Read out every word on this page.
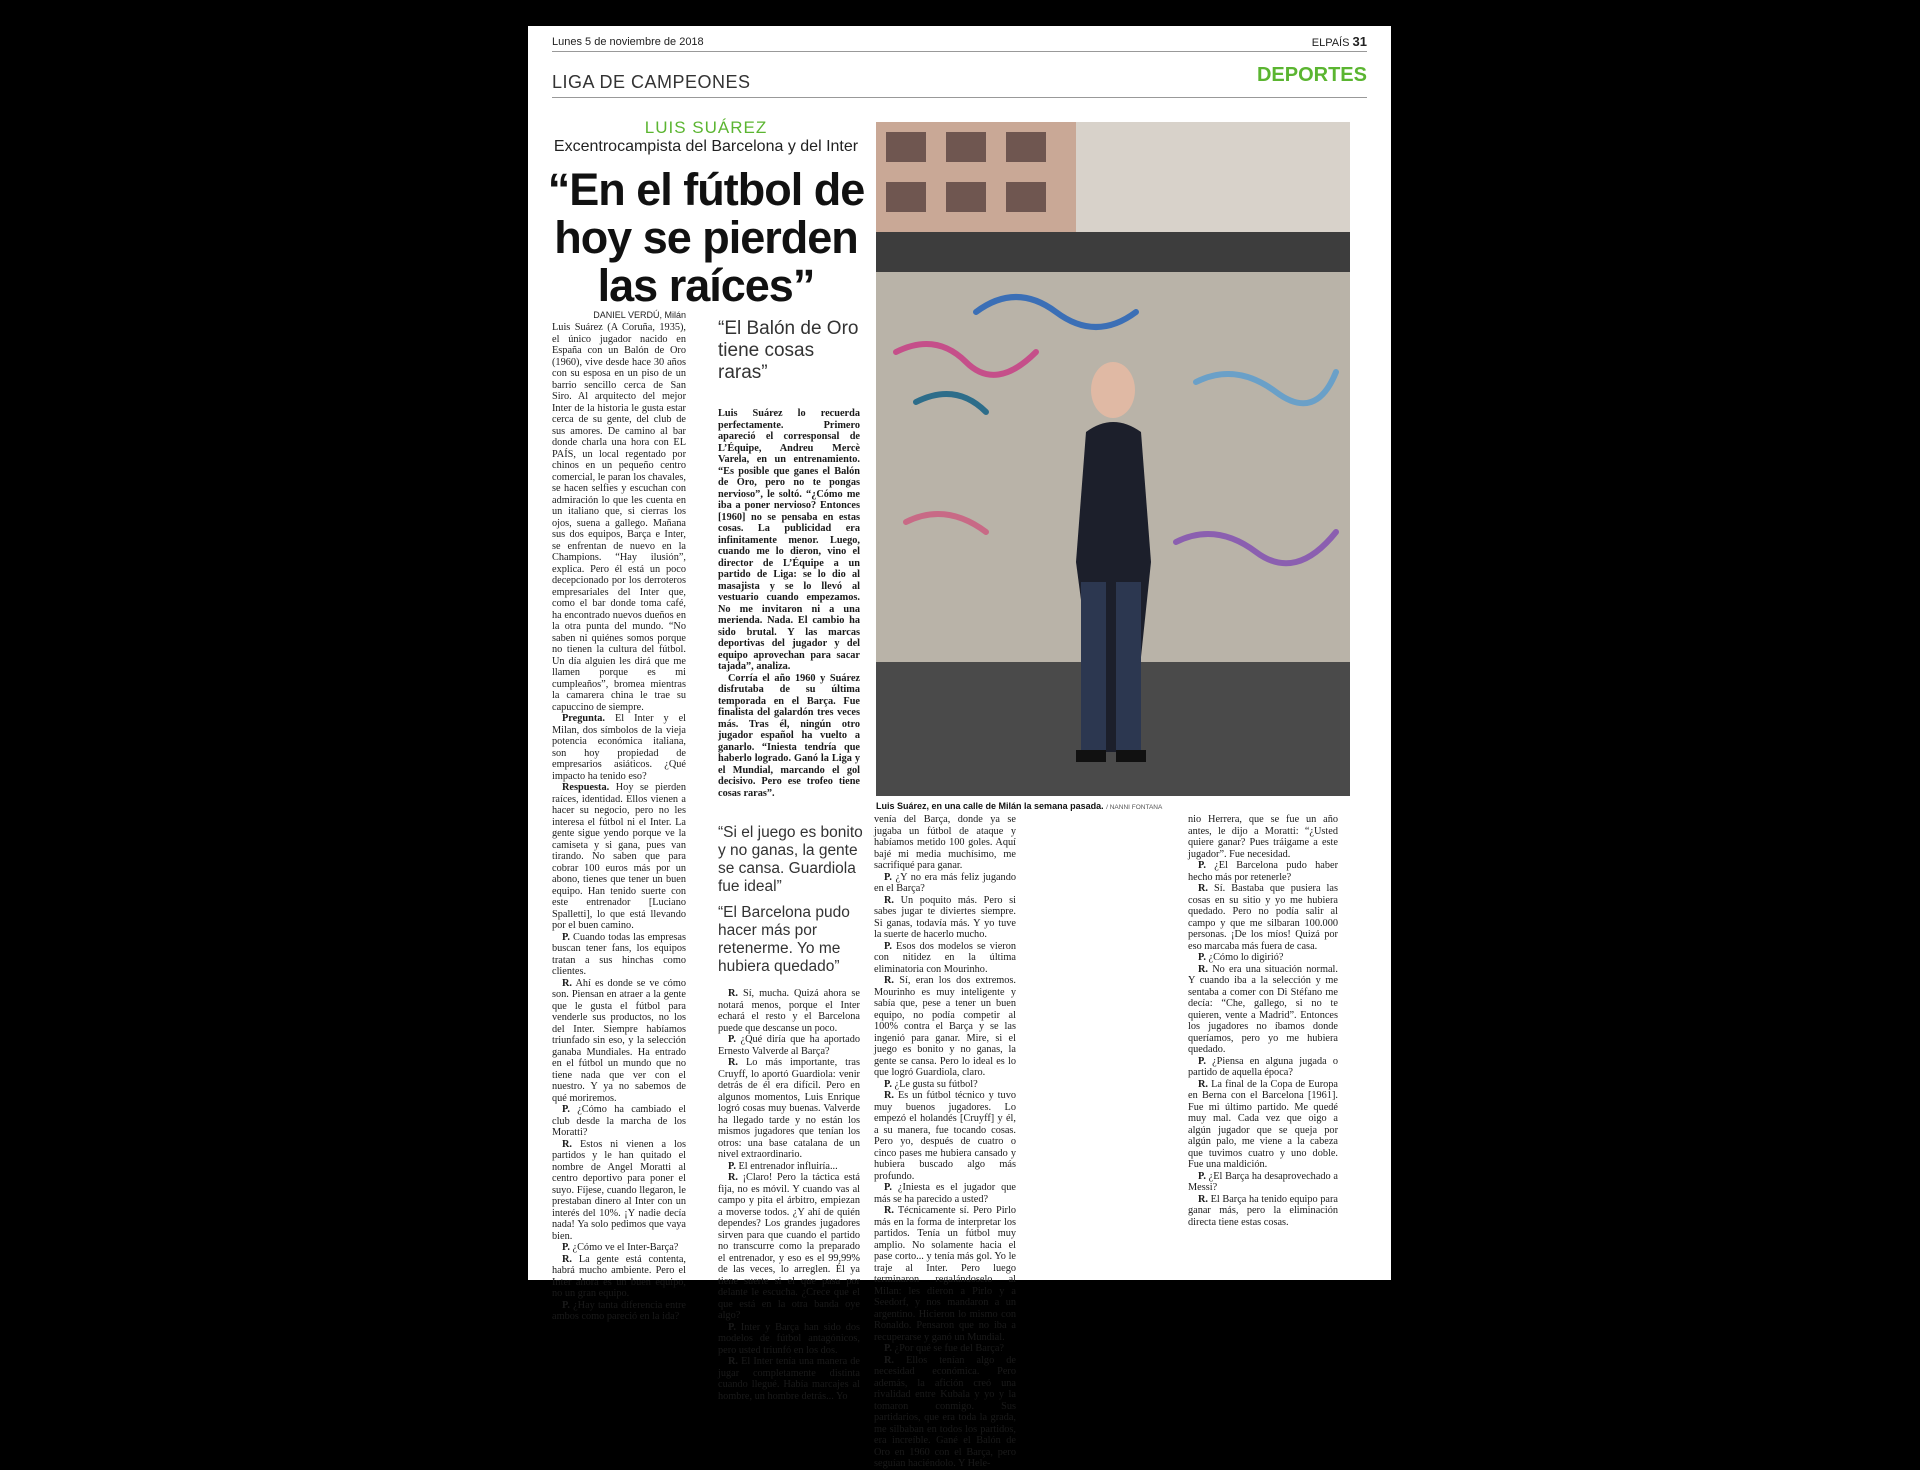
Lunes 5 de noviembre de 2018	ELPAÍS 31
LIGA DE CAMPEONES	DEPORTES
LUIS SUÁREZ
Excentrocampista del Barcelona y del Inter
“En el fútbol de hoy se pierden las raíces”
DANIEL VERDÚ, Milán

Luis Suárez (A Coruña, 1935), el único jugador nacido en España con un Balón de Oro (1960), vive desde hace 30 años con su esposa en un piso de un barrio sencillo cerca de San Siro. Al arquitecto del mejor Inter de la historia le gusta estar cerca de su gente, del club de sus amores. De camino al bar donde charla una hora con EL PAÍS, un local regentado por chinos en un pequeño centro comercial, le paran los chavales, se hacen selfies y escuchan con admiración lo que les cuenta en un italiano que, si cierras los ojos, suena a gallego. Mañana sus dos equipos, Barça e Inter, se enfrentan de nuevo en la Champions. “Hay ilusión”, explica. Pero él está un poco decepcionado por los derroteros empresariales del Inter que, como el bar donde toma café, ha encontrado nuevos dueños en la otra punta del mundo. “No saben ni quiénes somos porque no tienen la cultura del fútbol. Un día alguien les dirá que me llamen porque es mi cumpleaños”, bromea mientras la camarera china le trae su capuccino de siempre.

Pregunta. El Inter y el Milan, dos símbolos de la vieja potencia económica italiana, son hoy propiedad de empresarios asiáticos. ¿Qué impacto ha tenido eso?

Respuesta. Hoy se pierden raíces, identidad. Ellos vienen a hacer su negocio, pero no les interesa el fútbol ni el Inter. La gente sigue yendo porque ve la camiseta y si gana, pues van tirando. No saben que para cobrar 100 euros más por un abono, tienes que tener un buen equipo. Han tenido suerte con este entrenador [Luciano Spalletti], lo que está llevando por el buen camino.

P. Cuando todas las empresas buscan tener fans, los equipos tratan a sus hinchas como clientes.

R. Ahí es donde se ve cómo son. Piensan en atraer a la gente que le gusta el fútbol para venderle sus productos, no los del Inter. Siempre habíamos triunfado sin eso, y la selección ganaba Mundiales. Ha entrado en el fútbol un mundo que no tiene nada que ver con el nuestro. Y ya no sabemos de qué moriremos.

P. ¿Cómo ha cambiado el club desde la marcha de los Moratti?

R. Estos ni vienen a los partidos y le han quitado el nombre de Angel Moratti al centro deportivo para poner el suyo. Fíjese, cuando llegaron, le prestaban dinero al Inter con un interés del 10%. ¡Y nadie decía nada! Ya solo pedimos que vaya bien.

P. ¿Cómo ve el Inter-Barça?

R. La gente está contenta, habrá mucho ambiente. Pero el Inter ahora es un buen equipo, no un gran equipo.

P. ¿Hay tanta diferencia entre ambos como pareció en la ida?

“El Balón de Oro tiene cosas raras”

Luis Suárez lo recuerda perfectamente. Primero apareció el corresponsal de L’Équipe, Andreu Mercè Varela, en un entrenamiento. “Es posible que ganes el Balón de Oro, pero no te pongas nervioso”, le soltó. “¿Cómo me iba a poner nervioso? Entonces [1960] no se pensaba en estas cosas. La publicidad era infinitamente menor. Luego, cuando me lo dieron, vino el director de L’Équipe a un partido de Liga: se lo dio al masajista y se lo llevó al vestuario cuando empezamos. No me invitaron ni a una merienda. Nada. El cambio ha sido brutal. Y las marcas deportivas del jugador y del equipo aprovechan para sacar tajada”, analiza.

Corría el año 1960 y Suárez disfrutaba de su última temporada en el Barça. Fue finalista del galardón tres veces más. Tras él, ningún otro jugador español ha vuelto a ganarlo. “Iniesta tendría que haberlo logrado. Ganó la Liga y el Mundial, marcando el gol decisivo. Pero ese trofeo tiene cosas raras”.

Luis Suárez, en una calle de Milán la semana pasada. / NANNI FONTANA
“Si el juego es bonito y no ganas, la gente se cansa. Guardiola fue ideal”
“El Barcelona pudo hacer más por retenerme. Yo me hubiera quedado”

R. Sí, mucha. Quizá ahora se notará menos, porque el Inter echará el resto y el Barcelona puede que descanse un poco.

P. ¿Qué diría que ha aportado Ernesto Valverde al Barça?

R. Lo más importante, tras Cruyff, lo aportó Guardiola: venir detrás de él era difícil. Pero en algunos momentos, Luis Enrique logró cosas muy buenas. Valverde ha llegado tarde y no están los mismos jugadores que tenían los otros: una base catalana de un nivel extraordinario.

P. El entrenador influiría...

R. ¡Claro! Pero la táctica está fija, no es móvil. Y cuando vas al campo y pita el árbitro, empiezan a moverse todos. ¿Y ahí de quién dependes? Los grandes jugadores sirven para que cuando el partido no transcurre como la preparado el entrenador, y eso es el 99,99% de las veces, lo arreglen. Él ya tiene suerte si el que pasa por delante le escucha. ¿Crece que el que está en la otra banda oye algo?

P. Inter y Barça han sido dos modelos de fútbol antagónicos, pero usted triunfó en los dos.

R. El Inter tenía una manera de jugar completamente distinta cuando llegué. Había marcajes al hombre, un hombre detrás... Yo

venía del Barça, donde ya se jugaba un fútbol de ataque y habíamos metido 100 goles. Aquí bajé mi media muchísimo, me sacrifiqué para ganar.

P. ¿Y no era más feliz jugando en el Barça?

R. Un poquito más. Pero si sabes jugar te diviertes siempre. Si ganas, todavía más. Y yo tuve la suerte de hacerlo mucho.

P. Esos dos modelos se vieron con nitidez en la última eliminatoria con Mourinho.

R. Sí, eran los dos extremos. Mourinho es muy inteligente y sabía que, pese a tener un buen equipo, no podía competir al 100% contra el Barça y se las ingenió para ganar. Mire, si el juego es bonito y no ganas, la gente se cansa. Pero lo ideal es lo que logró Guardiola, claro.

P. ¿Le gusta su fútbol?

R. Es un fútbol técnico y tuvo muy buenos jugadores. Lo empezó el holandés [Cruyff] y él, a su manera, fue tocando cosas. Pero yo, después de cuatro o cinco pases me hubiera cansado y hubiera buscado algo más profundo.

P. ¿Iniesta es el jugador que más se ha parecido a usted?

R. Técnicamente sí. Pero Pirlo más en la forma de interpretar los partidos. Tenía un fútbol muy amplio. No solamente hacia el pase corto... y tenía más gol. Yo le traje al Inter. Pero luego terminaron regalándoselo al Milan: les dieron a Pirlo y a Seedorf, y nos mandaron a un argentino. Hicieron lo mismo con Ronaldo. Pensaron que no iba a recuperarse y ganó un Mundial.

P. ¿Por qué se fue del Barça?

R. Ellos tenían algo de necesidad económica. Pero además, la afición creó una rivalidad entre Kubala y yo y la tomaron conmigo. Sus partidarios, que era toda la grada, me silbaban en todos los partidos, era increíble. Gané el Balón de Oro en 1960 con el Barça, pero seguían haciéndolo. Y Hele-

nio Herrera, que se fue un año antes, le dijo a Moratti: “¿Usted quiere ganar? Pues tráigame a este jugador”. Fue necesidad.

P. ¿El Barcelona pudo haber hecho más por retenerle?

R. Sí. Bastaba que pusiera las cosas en su sitio y yo me hubiera quedado. Pero no podía salir al campo y que me silbaran 100.000 personas. ¡De los míos! Quizá por eso marcaba más fuera de casa.

P. ¿Cómo lo digirió?

R. No era una situación normal. Y cuando iba a la selección y me sentaba a comer con Di Stéfano me decía: “Che, gallego, si no te quieren, vente a Madrid”. Entonces los jugadores no íbamos donde queríamos, pero yo me hubiera quedado.

P. ¿Piensa en alguna jugada o partido de aquella época?

R. La final de la Copa de Europa en Berna con el Barcelona [1961]. Fue mi último partido. Me quedé muy mal. Cada vez que oigo a algún jugador que se queja por algún palo, me viene a la cabeza que tuvimos cuatro y uno doble. Fue una maldición.

P. ¿El Barça ha desaprovechado a Messi?

R. El Barça ha tenido equipo para ganar más, pero la eliminación directa tiene estas cosas.
